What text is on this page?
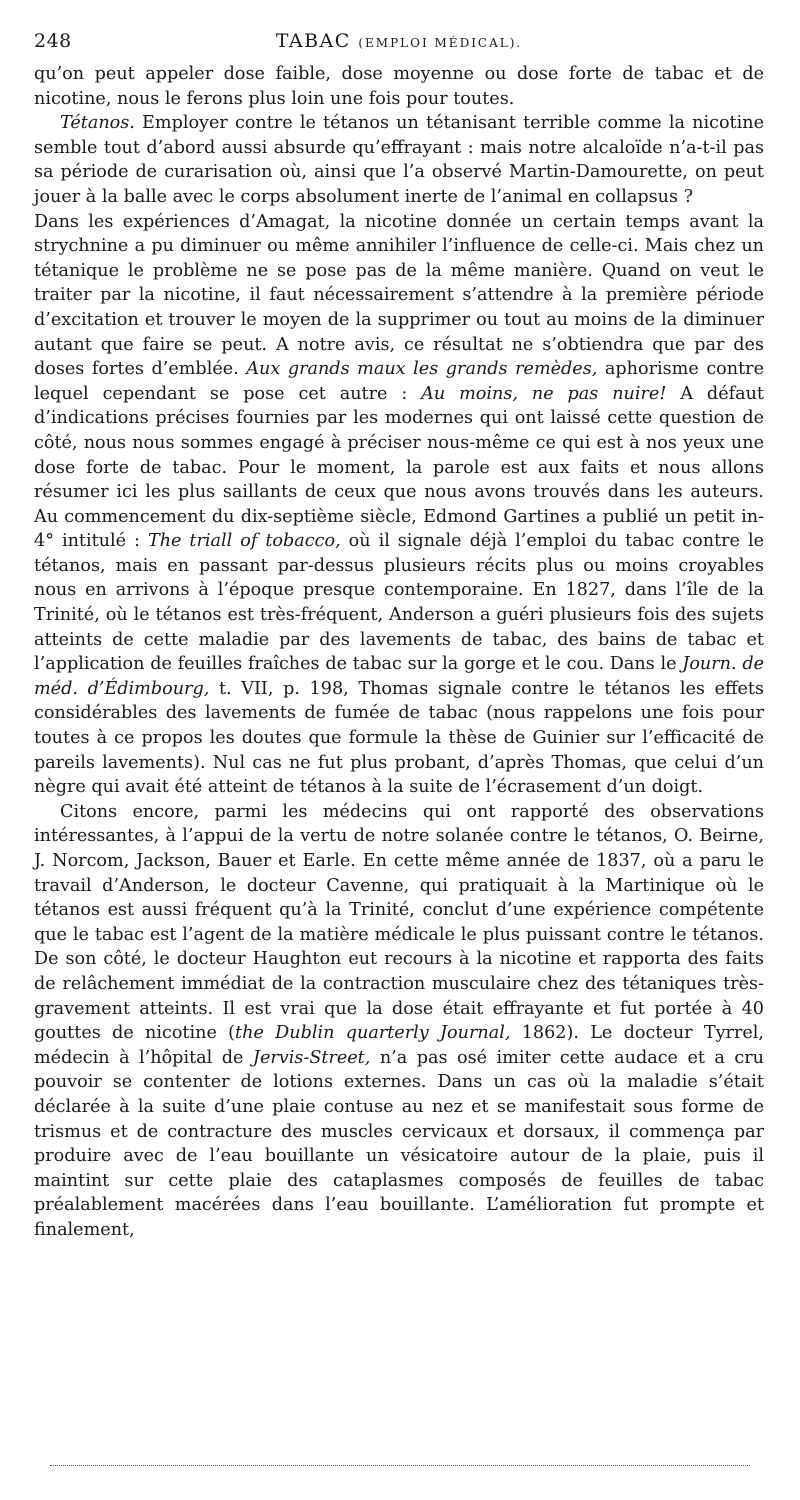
248	TABAC (EMPLOI MÉDICAL).

qu’on peut appeler dose faible, dose moyenne ou dose forte de tabac et de nicotine, nous le ferons plus loin une fois pour toutes.

Tétanos. Employer contre le tétanos un tétanisant terrible comme la nicotine semble tout d’abord aussi absurde qu’effrayant : mais notre alcaloïde n’a-t-il pas sa période de curarisation où, ainsi que l’a observé Martin-Damourette, on peut jouer à la balle avec le corps absolument inerte de l’animal en collapsus ?

Dans les expériences d’Amagat, la nicotine donnée un certain temps avant la strychnine a pu diminuer ou même annihiler l’influence de celle-ci. Mais chez un tétanique le problème ne se pose pas de la même manière. Quand on veut le traiter par la nicotine, il faut nécessairement s’attendre à la première période d’excitation et trouver le moyen de la supprimer ou tout au moins de la diminuer autant que faire se peut. A notre avis, ce résultat ne s’obtiendra que par des doses fortes d’emblée. Aux grands maux les grands remèdes, aphorisme contre lequel cependant se pose cet autre : Au moins, ne pas nuire! A défaut d’indications précises fournies par les modernes qui ont laissé cette question de côté, nous nous sommes engagé à préciser nous-même ce qui est à nos yeux une dose forte de tabac. Pour le moment, la parole est aux faits et nous allons résumer ici les plus saillants de ceux que nous avons trouvés dans les auteurs. Au commencement du dix-septième siècle, Edmond Gartines a publié un petit in-4° intitulé : The triall of tobacco, où il signale déjà l’emploi du tabac contre le tétanos, mais en passant par-dessus plusieurs récits plus ou moins croyables nous en arrivons à l’époque presque contemporaine. En 1827, dans l’île de la Trinité, où le tétanos est très-fréquent, Anderson a guéri plusieurs fois des sujets atteints de cette maladie par des lavements de tabac, des bains de tabac et l’application de feuilles fraîches de tabac sur la gorge et le cou. Dans le Journ. de méd. d’Édimbourg, t. VII, p. 198, Thomas signale contre le tétanos les effets considérables des lavements de fumée de tabac (nous rappelons une fois pour toutes à ce propos les doutes que formule la thèse de Guinier sur l’efficacité de pareils lavements). Nul cas ne fut plus probant, d’après Thomas, que celui d’un nègre qui avait été atteint de tétanos à la suite de l’écrasement d’un doigt.

Citons encore, parmi les médecins qui ont rapporté des observations intéressantes, à l’appui de la vertu de notre solanée contre le tétanos, O. Beirne, J. Norcom, Jackson, Bauer et Earle. En cette même année de 1837, où a paru le travail d’Anderson, le docteur Cavenne, qui pratiquait à la Martinique où le tétanos est aussi fréquent qu’à la Trinité, conclut d’une expérience compétente que le tabac est l’agent de la matière médicale le plus puissant contre le tétanos. De son côté, le docteur Haughton eut recours à la nicotine et rapporta des faits de relâchement immédiat de la contraction musculaire chez des tétaniques très-gravement atteints. Il est vrai que la dose était effrayante et fut portée à 40 gouttes de nicotine (the Dublin quarterly Journal, 1862). Le docteur Tyrrel, médecin à l’hôpital de Jervis-Street, n’a pas osé imiter cette audace et a cru pouvoir se contenter de lotions externes. Dans un cas où la maladie s’était déclarée à la suite d’une plaie contuse au nez et se manifestait sous forme de trismus et de contracture des muscles cervicaux et dorsaux, il commença par produire avec de l’eau bouillante un vésicatoire autour de la plaie, puis il maintint sur cette plaie des cataplasmes composés de feuilles de tabac préalablement macérées dans l’eau bouillante. L’amélioration fut prompte et finalement,
